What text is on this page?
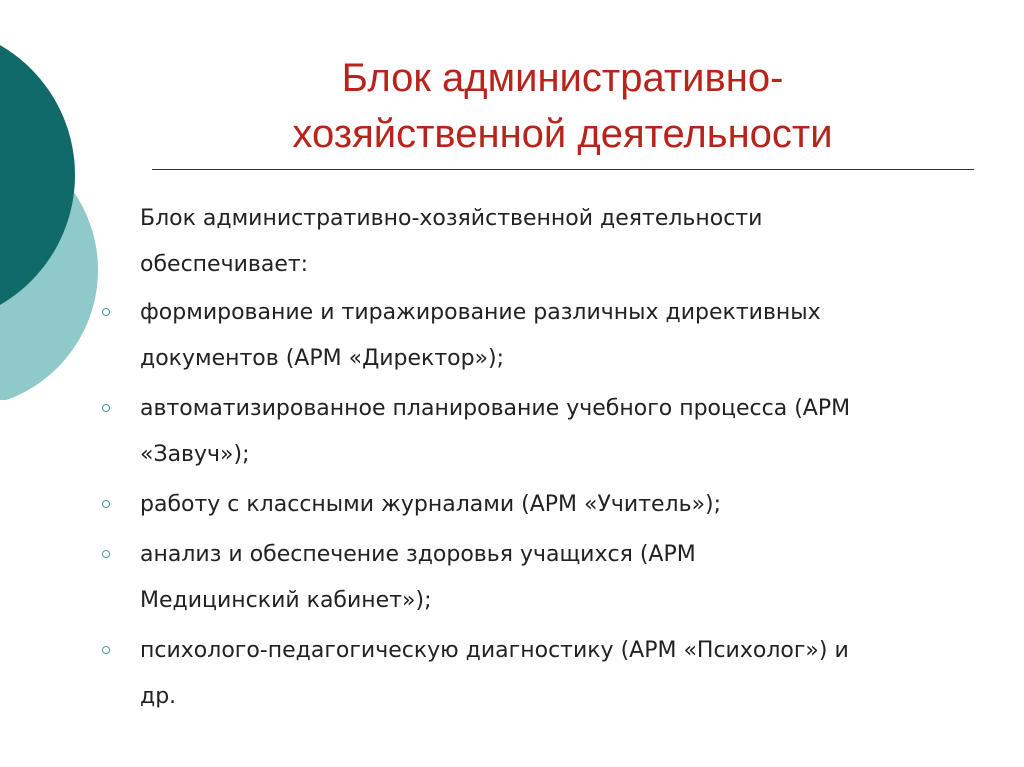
Блок административно-
хозяйственной деятельности
Блок административно-хозяйственной деятельности
обеспечивает:
формирование и тиражирование различных директивных
документов (АРМ «Директор»);
автоматизированное планирование учебного процесса (АРМ
«Завуч»);
работу с классными журналами (АРМ «Учитель»);
анализ и обеспечение здоровья учащихся (АРМ
Медицинский кабинет»);
психолого-педагогическую диагностику (АРМ «Психолог») и
др.
